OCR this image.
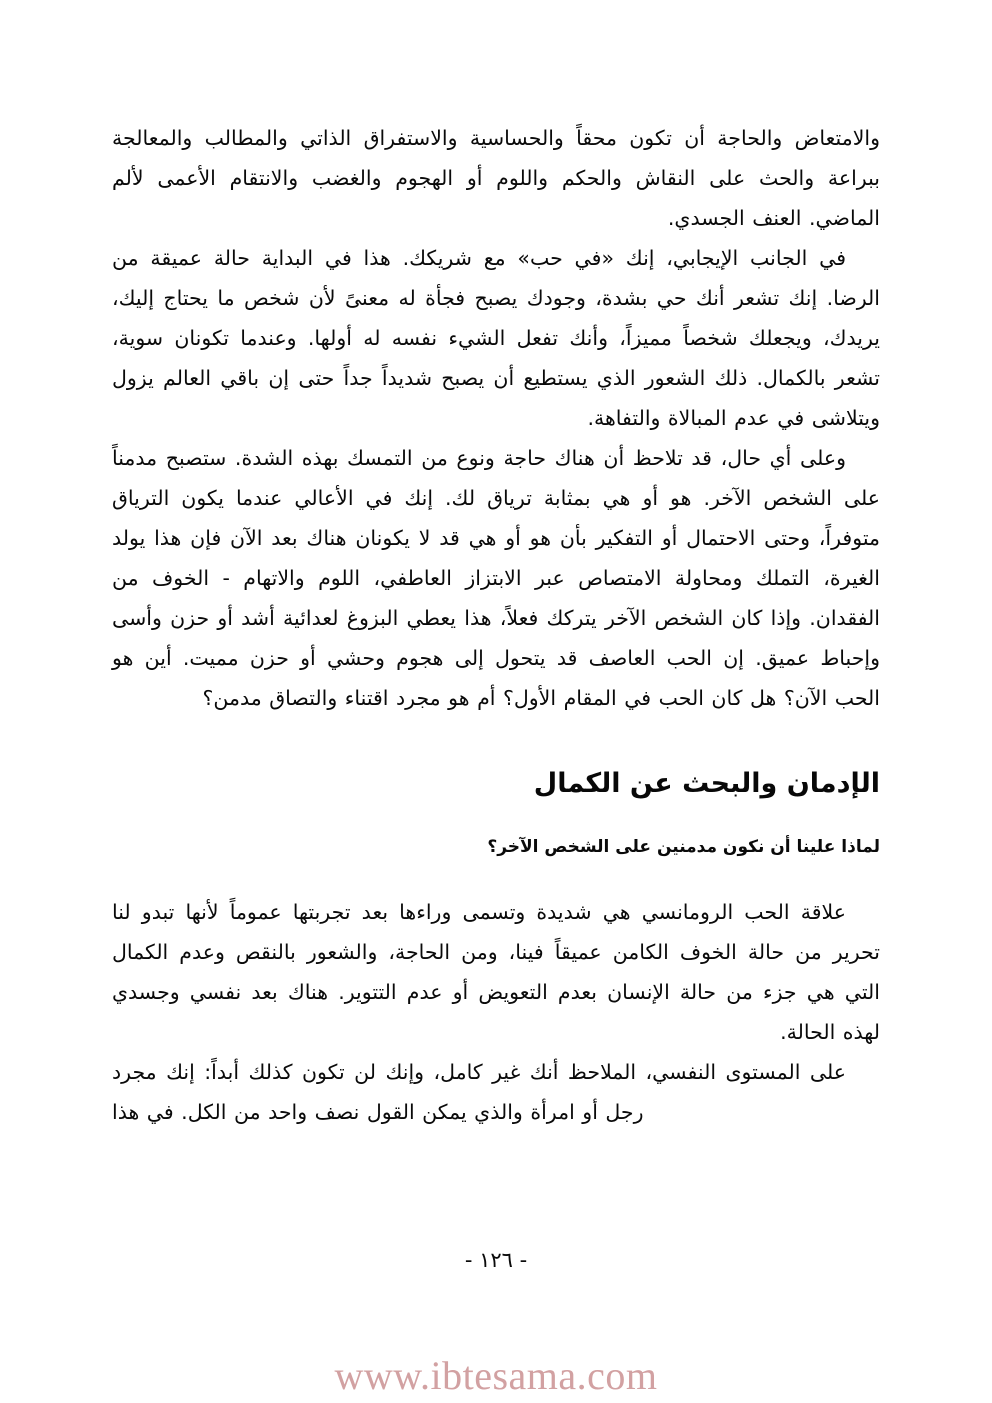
والامتعاض والحاجة أن تكون محقاً والحساسية والاستفراق الذاتي والمطالب والمعالجة ببراعة والحث على النقاش والحكم واللوم أو الهجوم والغضب والانتقام الأعمى لألم الماضي. العنف الجسدي.

في الجانب الإيجابي، إنك «في حب» مع شريكك. هذا في البداية حالة عميقة من الرضا. إنك تشعر أنك حي بشدة، وجودك يصبح فجأة له معنىً لأن شخص ما يحتاج إليك، يريدك، ويجعلك شخصاً مميزاً، وأنك تفعل الشيء نفسه له أولها. وعندما تكونان سوية، تشعر بالكمال. ذلك الشعور الذي يستطيع أن يصبح شديداً جداً حتى إن باقي العالم يزول ويتلاشى في عدم المبالاة والتفاهة.

وعلى أي حال، قد تلاحظ أن هناك حاجة ونوع من التمسك بهذه الشدة. ستصبح مدمناً على الشخص الآخر. هو أو هي بمثابة ترياق لك. إنك في الأعالي عندما يكون الترياق متوفراً، وحتى الاحتمال أو التفكير بأن هو أو هي قد لا يكونان هناك بعد الآن فإن هذا يولد الغيرة، التملك ومحاولة الامتصاص عبر الابتزاز العاطفي، اللوم والاتهام - الخوف من الفقدان. وإذا كان الشخص الآخر يتركك فعلاً، هذا يعطي البزوغ لعدائية أشد أو حزن وأسى وإحباط عميق. إن الحب العاصف قد يتحول إلى هجوم وحشي أو حزن مميت. أين هو الحب الآن؟ هل كان الحب في المقام الأول؟ أم هو مجرد اقتناء والتصاق مدمن؟

الإدمان والبحث عن الكمال
لماذا علينا أن نكون مدمنين على الشخص الآخر؟

علاقة الحب الرومانسي هي شديدة وتسمى وراءها بعد تجربتها عموماً لأنها تبدو لنا تحرير من حالة الخوف الكامن عميقاً فينا، ومن الحاجة، والشعور بالنقص وعدم الكمال التي هي جزء من حالة الإنسان بعدم التعويض أو عدم التتوير. هناك بعد نفسي وجسدي لهذه الحالة.

على المستوى النفسي، الملاحظ أنك غير كامل، وإنك لن تكون كذلك أبداً: إنك مجرد رجل أو امرأة والذي يمكن القول نصف واحد من الكل. في هذا

- ١٢٦ -
www.ibtesama.com
